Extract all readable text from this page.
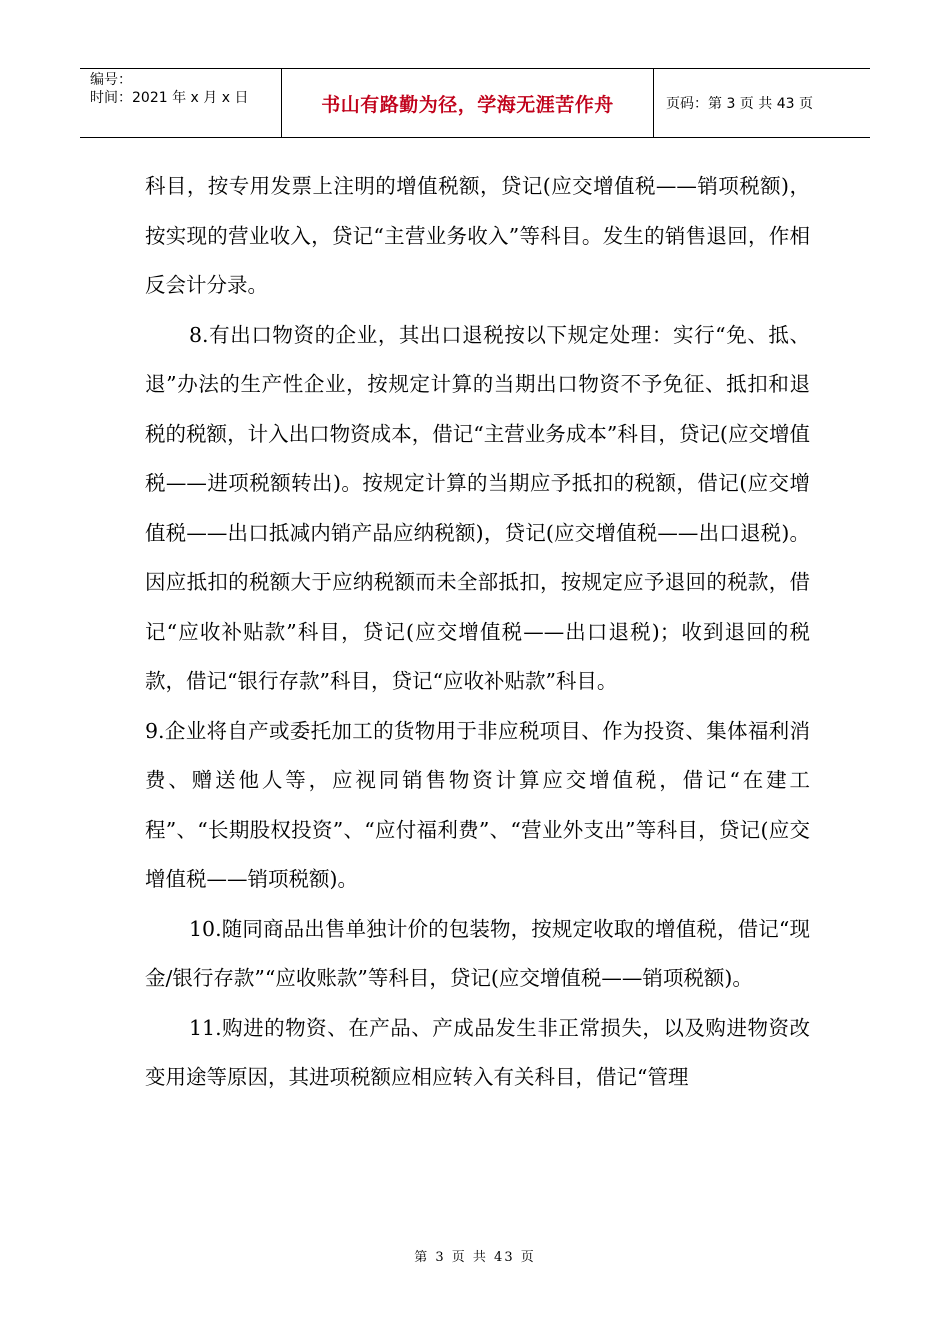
编号：
时间：2021 年 x 月 x 日	书山有路勤为径，学海无涯苦作舟	页码：第 3 页 共 43 页

科目，按专用发票上注明的增值税额，贷记(应交增值税——销项税额)，按实现的营业收入，贷记“主营业务收入”等科目。发生的销售退回，作相反会计分录。

8.有出口物资的企业，其出口退税按以下规定处理：实行“免、抵、退”办法的生产性企业，按规定计算的当期出口物资不予免征、抵扣和退税的税额，计入出口物资成本，借记“主营业务成本”科目，贷记(应交增值税——进项税额转出)。按规定计算的当期应予抵扣的税额，借记(应交增值税——出口抵减内销产品应纳税额)，贷记(应交增值税——出口退税)。因应抵扣的税额大于应纳税额而未全部抵扣，按规定应予退回的税款，借记“应收补贴款”科目，贷记(应交增值税——出口退税)；收到退回的税款，借记“银行存款”科目，贷记“应收补贴款”科目。

9.企业将自产或委托加工的货物用于非应税项目、作为投资、集体福利消费、赠送他人等，应视同销售物资计算应交增值税，借记“在建工程”、“长期股权投资”、“应付福利费”、“营业外支出”等科目，贷记(应交增值税——销项税额)。

10.随同商品出售单独计价的包装物，按规定收取的增值税，借记“现金/银行存款”“应收账款”等科目，贷记(应交增值税——销项税额)。

11.购进的物资、在产品、产成品发生非正常损失，以及购进物资改变用途等原因，其进项税额应相应转入有关科目，借记“管理

第 3 页 共 43 页
